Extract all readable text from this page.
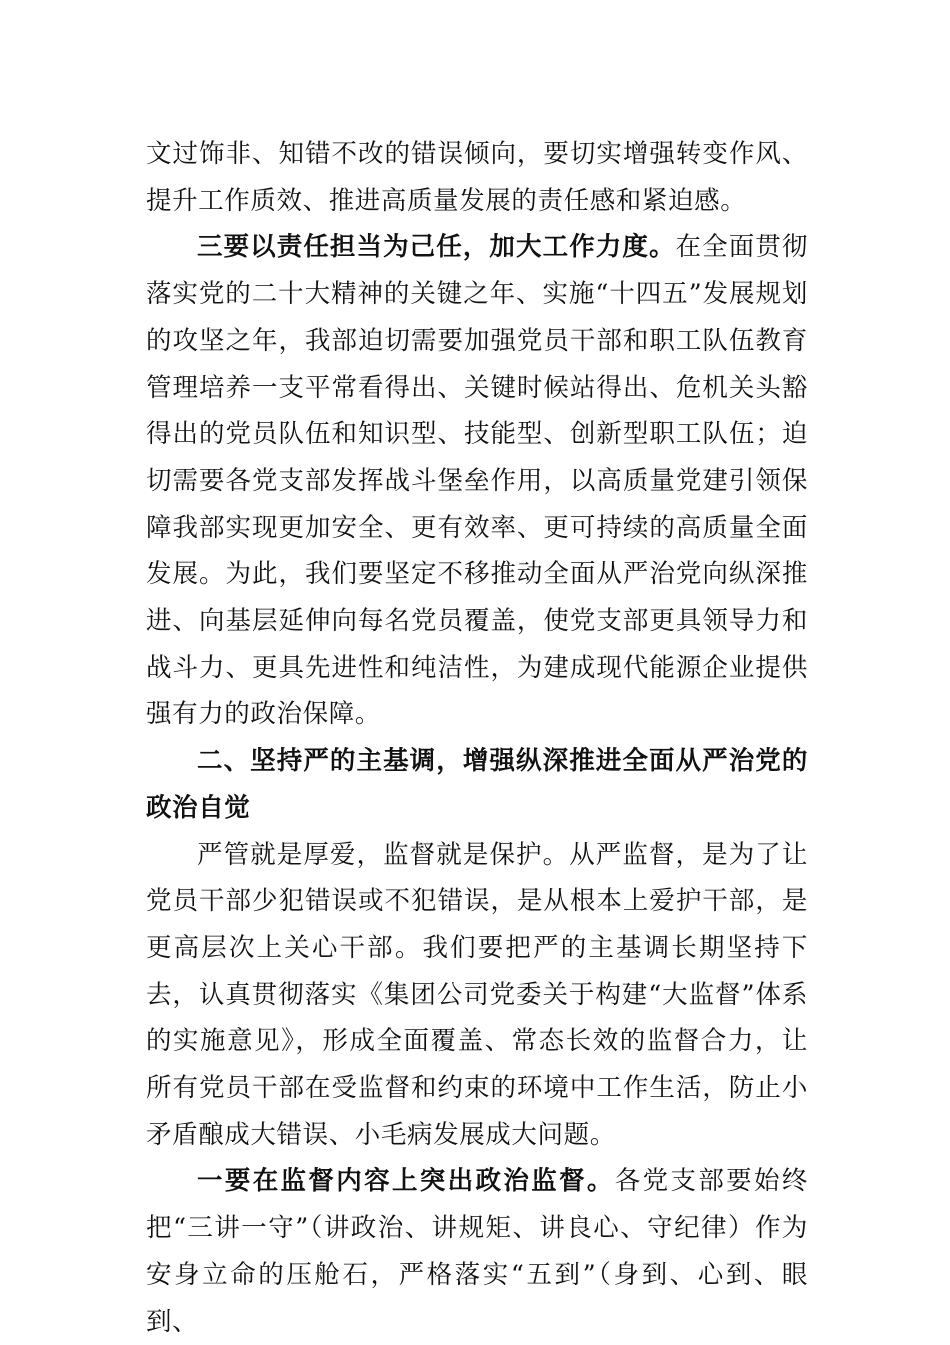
文过饰非、知错不改的错误倾向，要切实增强转变作风、提升工作质效、推进高质量发展的责任感和紧迫感。

三要以责任担当为己任，加大工作力度。在全面贯彻落实党的二十大精神的关键之年、实施“十四五”发展规划的攻坚之年，我部迫切需要加强党员干部和职工队伍教育管理培养一支平常看得出、关键时候站得出、危机关头豁得出的党员队伍和知识型、技能型、创新型职工队伍；迫切需要各党支部发挥战斗堡垒作用，以高质量党建引领保障我部实现更加安全、更有效率、更可持续的高质量全面发展。为此，我们要坚定不移推动全面从严治党向纵深推进、向基层延伸向每名党员覆盖，使党支部更具领导力和战斗力、更具先进性和纯洁性，为建成现代能源企业提供强有力的政治保障。

二、坚持严的主基调，增强纵深推进全面从严治党的政治自觉

严管就是厚爱，监督就是保护。从严监督，是为了让党员干部少犯错误或不犯错误，是从根本上爱护干部，是更高层次上关心干部。我们要把严的主基调长期坚持下去，认真贯彻落实《集团公司党委关于构建“大监督”体系的实施意见》，形成全面覆盖、常态长效的监督合力，让所有党员干部在受监督和约束的环境中工作生活，防止小矛盾酿成大错误、小毛病发展成大问题。

一要在监督内容上突出政治监督。各党支部要始终把“三讲一守”（讲政治、讲规矩、讲良心、守纪律）作为安身立命的压舱石，严格落实“五到”（身到、心到、眼到、
